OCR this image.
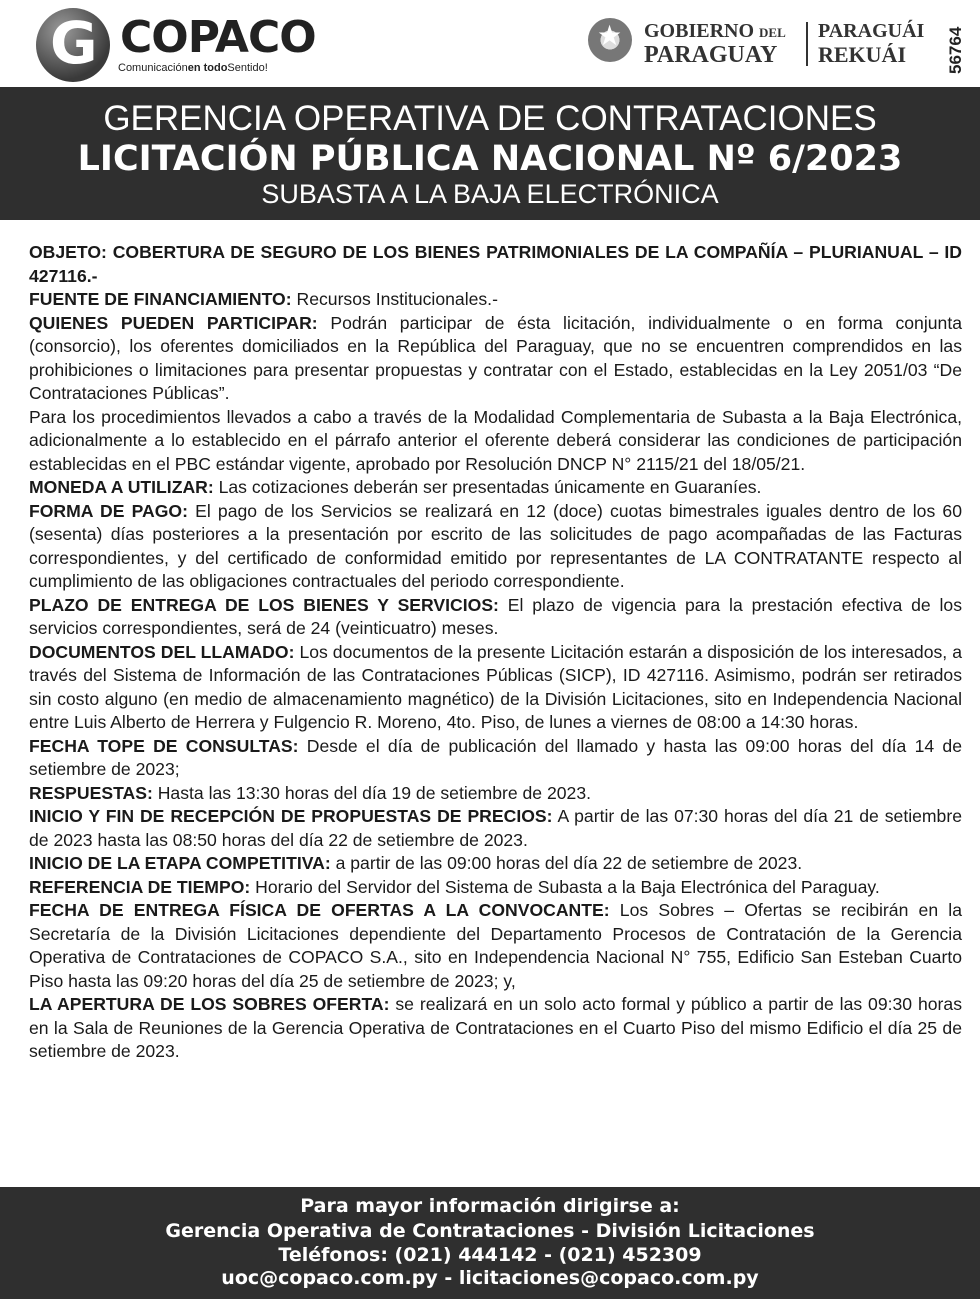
G COPACO
Comunicaciónen todoSentido!
★ GOBIERNO DEL
PARAGUAY
PARAGUÁI
REKUÁI 56764
GERENCIA OPERATIVA DE CONTRATACIONES
LICITACIÓN PÚBLICA NACIONAL Nº 6/2023
SUBASTA A LA BAJA ELECTRÓNICA

OBJETO: COBERTURA DE SEGURO DE LOS BIENES PATRIMONIALES DE LA COMPAÑÍA – PLURIANUAL – ID 427116.-

FUENTE DE FINANCIAMIENTO: Recursos Institucionales.-

QUIENES PUEDEN PARTICIPAR: Podrán participar de ésta licitación, individualmente o en forma conjunta (consorcio), los oferentes domiciliados en la República del Paraguay, que no se encuentren comprendidos en las prohibiciones o limitaciones para presentar propuestas y contratar con el Estado, establecidas en la Ley 2051/03 “De Contrataciones Públicas”.

Para los procedimientos llevados a cabo a través de la Modalidad Complementaria de Subasta a la Baja Electrónica, adicionalmente a lo establecido en el párrafo anterior el oferente deberá considerar las condiciones de participación establecidas en el PBC estándar vigente, aprobado por Resolución DNCP N° 2115/21 del 18/05/21.

MONEDA A UTILIZAR: Las cotizaciones deberán ser presentadas únicamente en Guaraníes.

FORMA DE PAGO: El pago de los Servicios se realizará en 12 (doce) cuotas bimestrales iguales dentro de los 60 (sesenta) días posteriores a la presentación por escrito de las solicitudes de pago acompañadas de las Facturas correspondientes, y del certificado de conformidad emitido por representantes de LA CONTRATANTE respecto al cumplimiento de las obligaciones contractuales del periodo correspondiente.

PLAZO DE ENTREGA DE LOS BIENES Y SERVICIOS: El plazo de vigencia para la prestación efectiva de los servicios correspondientes, será de 24 (veinticuatro) meses.

DOCUMENTOS DEL LLAMADO: Los documentos de la presente Licitación estarán a disposición de los interesados, a través del Sistema de Información de las Contrataciones Públicas (SICP), ID 427116. Asimismo, podrán ser retirados sin costo alguno (en medio de almacenamiento magnético) de la División Licitaciones, sito en Independencia Nacional entre Luis Alberto de Herrera y Fulgencio R. Moreno, 4to. Piso, de lunes a viernes de 08:00 a 14:30 horas.

FECHA TOPE DE CONSULTAS: Desde el día de publicación del llamado y hasta las 09:00 horas del día 14 de setiembre de 2023;

RESPUESTAS: Hasta las 13:30 horas del día 19 de setiembre de 2023.

INICIO Y FIN DE RECEPCIÓN DE PROPUESTAS DE PRECIOS: A partir de las 07:30 horas del día 21 de setiembre de 2023 hasta las 08:50 horas del día 22 de setiembre de 2023.

INICIO DE LA ETAPA COMPETITIVA: a partir de las 09:00 horas del día 22 de setiembre de 2023.

REFERENCIA DE TIEMPO: Horario del Servidor del Sistema de Subasta a la Baja Electrónica del Paraguay.

FECHA DE ENTREGA FÍSICA DE OFERTAS A LA CONVOCANTE: Los Sobres – Ofertas se recibirán en la Secretaría de la División Licitaciones dependiente del Departamento Procesos de Contratación de la Gerencia Operativa de Contrataciones de COPACO S.A., sito en Independencia Nacional N° 755, Edificio San Esteban Cuarto Piso hasta las 09:20 horas del día 25 de setiembre de 2023; y,

LA APERTURA DE LOS SOBRES OFERTA: se realizará en un solo acto formal y público a partir de las 09:30 horas en la Sala de Reuniones de la Gerencia Operativa de Contrataciones en el Cuarto Piso del mismo Edificio el día 25 de setiembre de 2023.

Para mayor información dirigirse a:
Gerencia Operativa de Contrataciones - División Licitaciones
Teléfonos: (021) 444142 - (021) 452309
uoc@copaco.com.py - licitaciones@copaco.com.py
